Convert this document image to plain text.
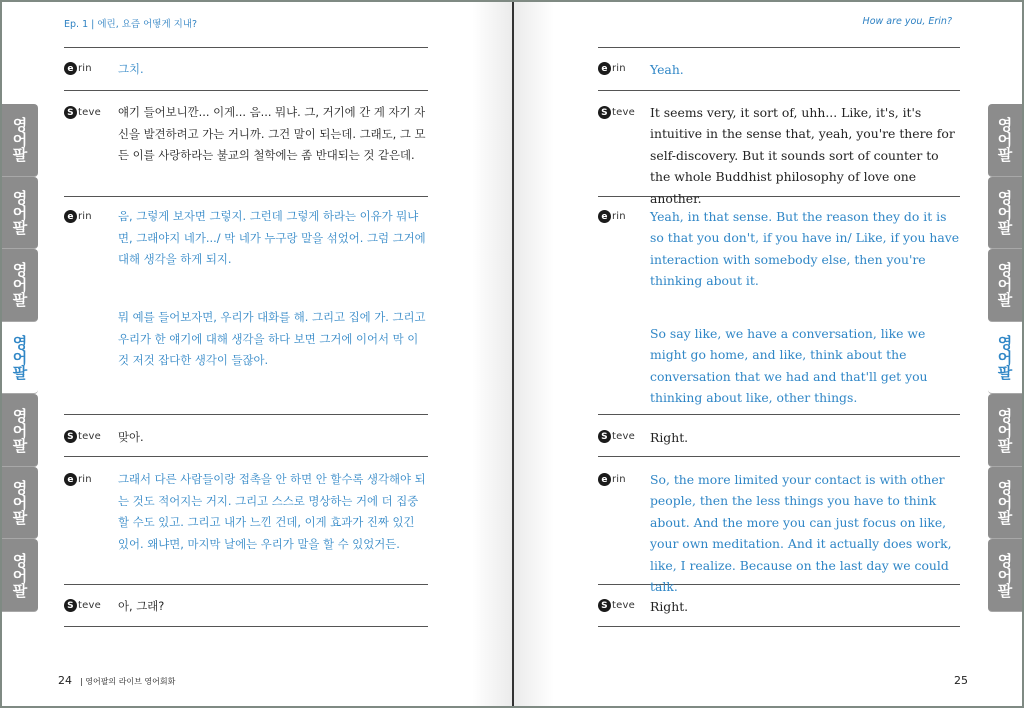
Ep. 1 | 에린, 요즘 어떻게 지내?	How are you, Erin?
e rin
S teve
e rin
S teve
e rin
S teve
그치.
얘기 들어보니깐... 이게... 음... 뭐냐. 그, 거기에 간 게 자기 자신을 발견하려고 가는 거니까. 그건 말이 되는데. 그래도, 그 모든 이를 사랑하라는 불교의 철학에는 좀 반대되는 것 같은데.
음, 그렇게 보자면 그렇지. 그런데 그렇게 하라는 이유가 뭐냐면, 그래야지 네가.../ 막 네가 누구랑 말을 섞었어. 그럼 그거에 대해 생각을 하게 되지.
뭐 예를 들어보자면, 우리가 대화를 해. 그리고 집에 가. 그리고 우리가 한 얘기에 대해 생각을 하다 보면 그거에 이어서 막 이것 저것 잡다한 생각이 들잖아.
맞아.
그래서 다른 사람들이랑 접촉을 안 하면 안 할수록 생각해야 되는 것도 적어지는 거지. 그리고 스스로 명상하는 거에 더 집중 할 수도 있고. 그리고 내가 느낀 건데, 이게 효과가 진짜 있긴 있어. 왜냐면, 마지막 날에는 우리가 말을 할 수 있었거든.
아, 그래?
e rin
S teve
e rin
S teve
e rin
S teve
Yeah.
It seems very, it sort of, uhh... Like, it's, it's intuitive in the sense that, yeah, you're there for self-discovery. But it sounds sort of counter to the whole Buddhist philosophy of love one another.
Yeah, in that sense. But the reason they do it is so that you don't, if you have in/ Like, if you have interaction with somebody else, then you're thinking about it.
So say like, we have a conversation, like we might go home, and like, think about the conversation that we had and that'll get you thinking about like, other things.
Right.
So, the more limited your contact is with other people, then the less things you have to think about. And the more you can just focus on like, your own meditation. And it actually does work, like, I realize. Because on the last day we could talk.
Right.
24 | 영어팔의 라이브 영어회화	25
영어팔
영어팔
영어팔
영어팔
영어팔
영어팔
영어팔
영어팔
영어팔
영어팔
영어팔
영어팔
영어팔
영어팔
